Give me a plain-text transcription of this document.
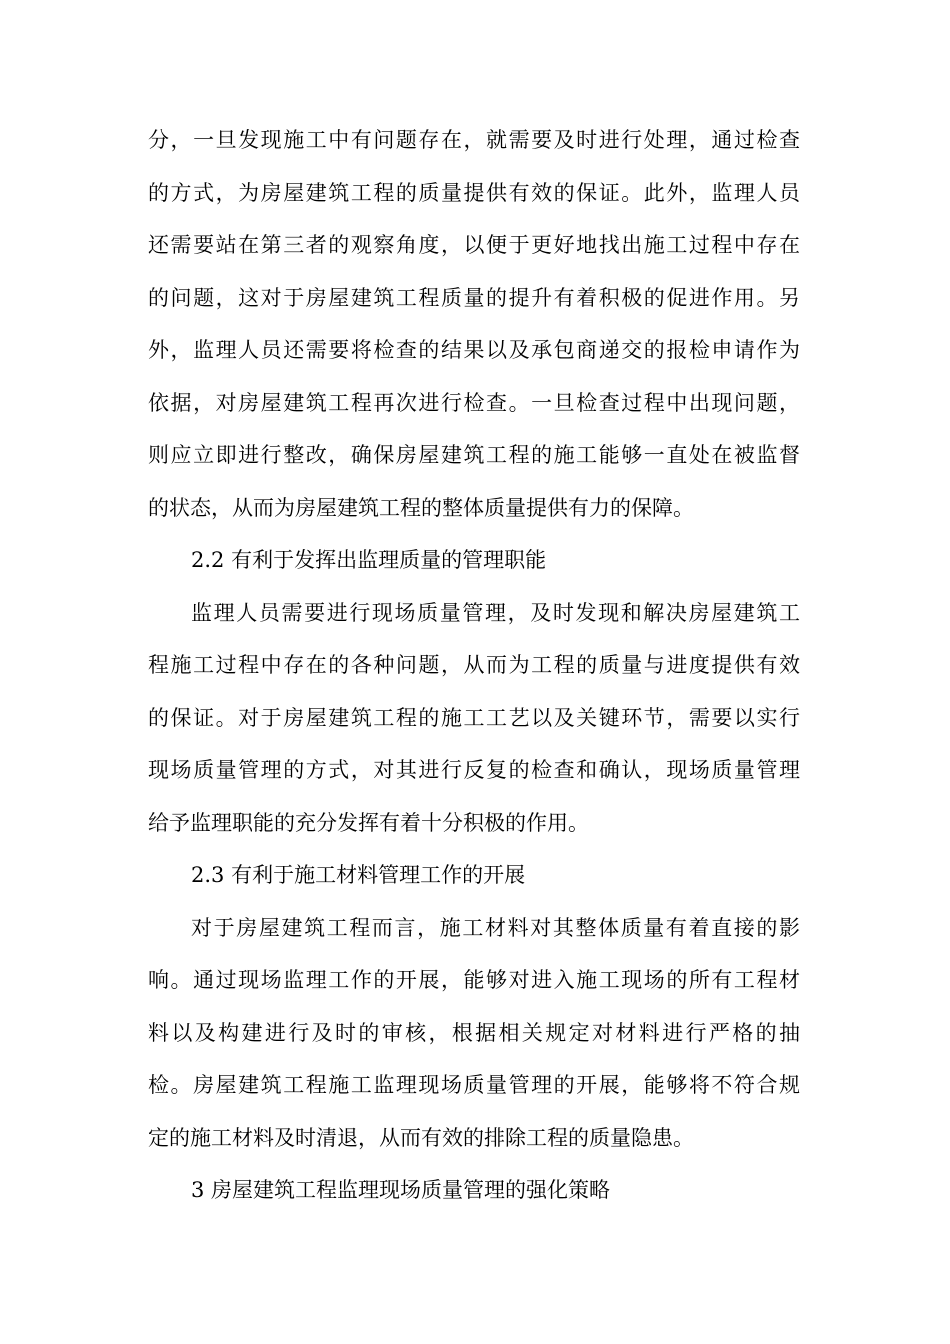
分，一旦发现施工中有问题存在，就需要及时进行处理，通过检查
的方式，为房屋建筑工程的质量提供有效的保证。此外，监理人员
还需要站在第三者的观察角度，以便于更好地找出施工过程中存在
的问题，这对于房屋建筑工程质量的提升有着积极的促进作用。另
外，监理人员还需要将检查的结果以及承包商递交的报检申请作为
依据，对房屋建筑工程再次进行检查。一旦检查过程中出现问题，
则应立即进行整改，确保房屋建筑工程的施工能够一直处在被监督
的状态，从而为房屋建筑工程的整体质量提供有力的保障。
2.2 有利于发挥出监理质量的管理职能
监理人员需要进行现场质量管理，及时发现和解决房屋建筑工
程施工过程中存在的各种问题，从而为工程的质量与进度提供有效
的保证。对于房屋建筑工程的施工工艺以及关键环节，需要以实行
现场质量管理的方式，对其进行反复的检查和确认，现场质量管理
给予监理职能的充分发挥有着十分积极的作用。
2.3 有利于施工材料管理工作的开展
对于房屋建筑工程而言，施工材料对其整体质量有着直接的影
响。通过现场监理工作的开展，能够对进入施工现场的所有工程材
料以及构建进行及时的审核，根据相关规定对材料进行严格的抽
检。房屋建筑工程施工监理现场质量管理的开展，能够将不符合规
定的施工材料及时清退，从而有效的排除工程的质量隐患。
3 房屋建筑工程监理现场质量管理的强化策略
